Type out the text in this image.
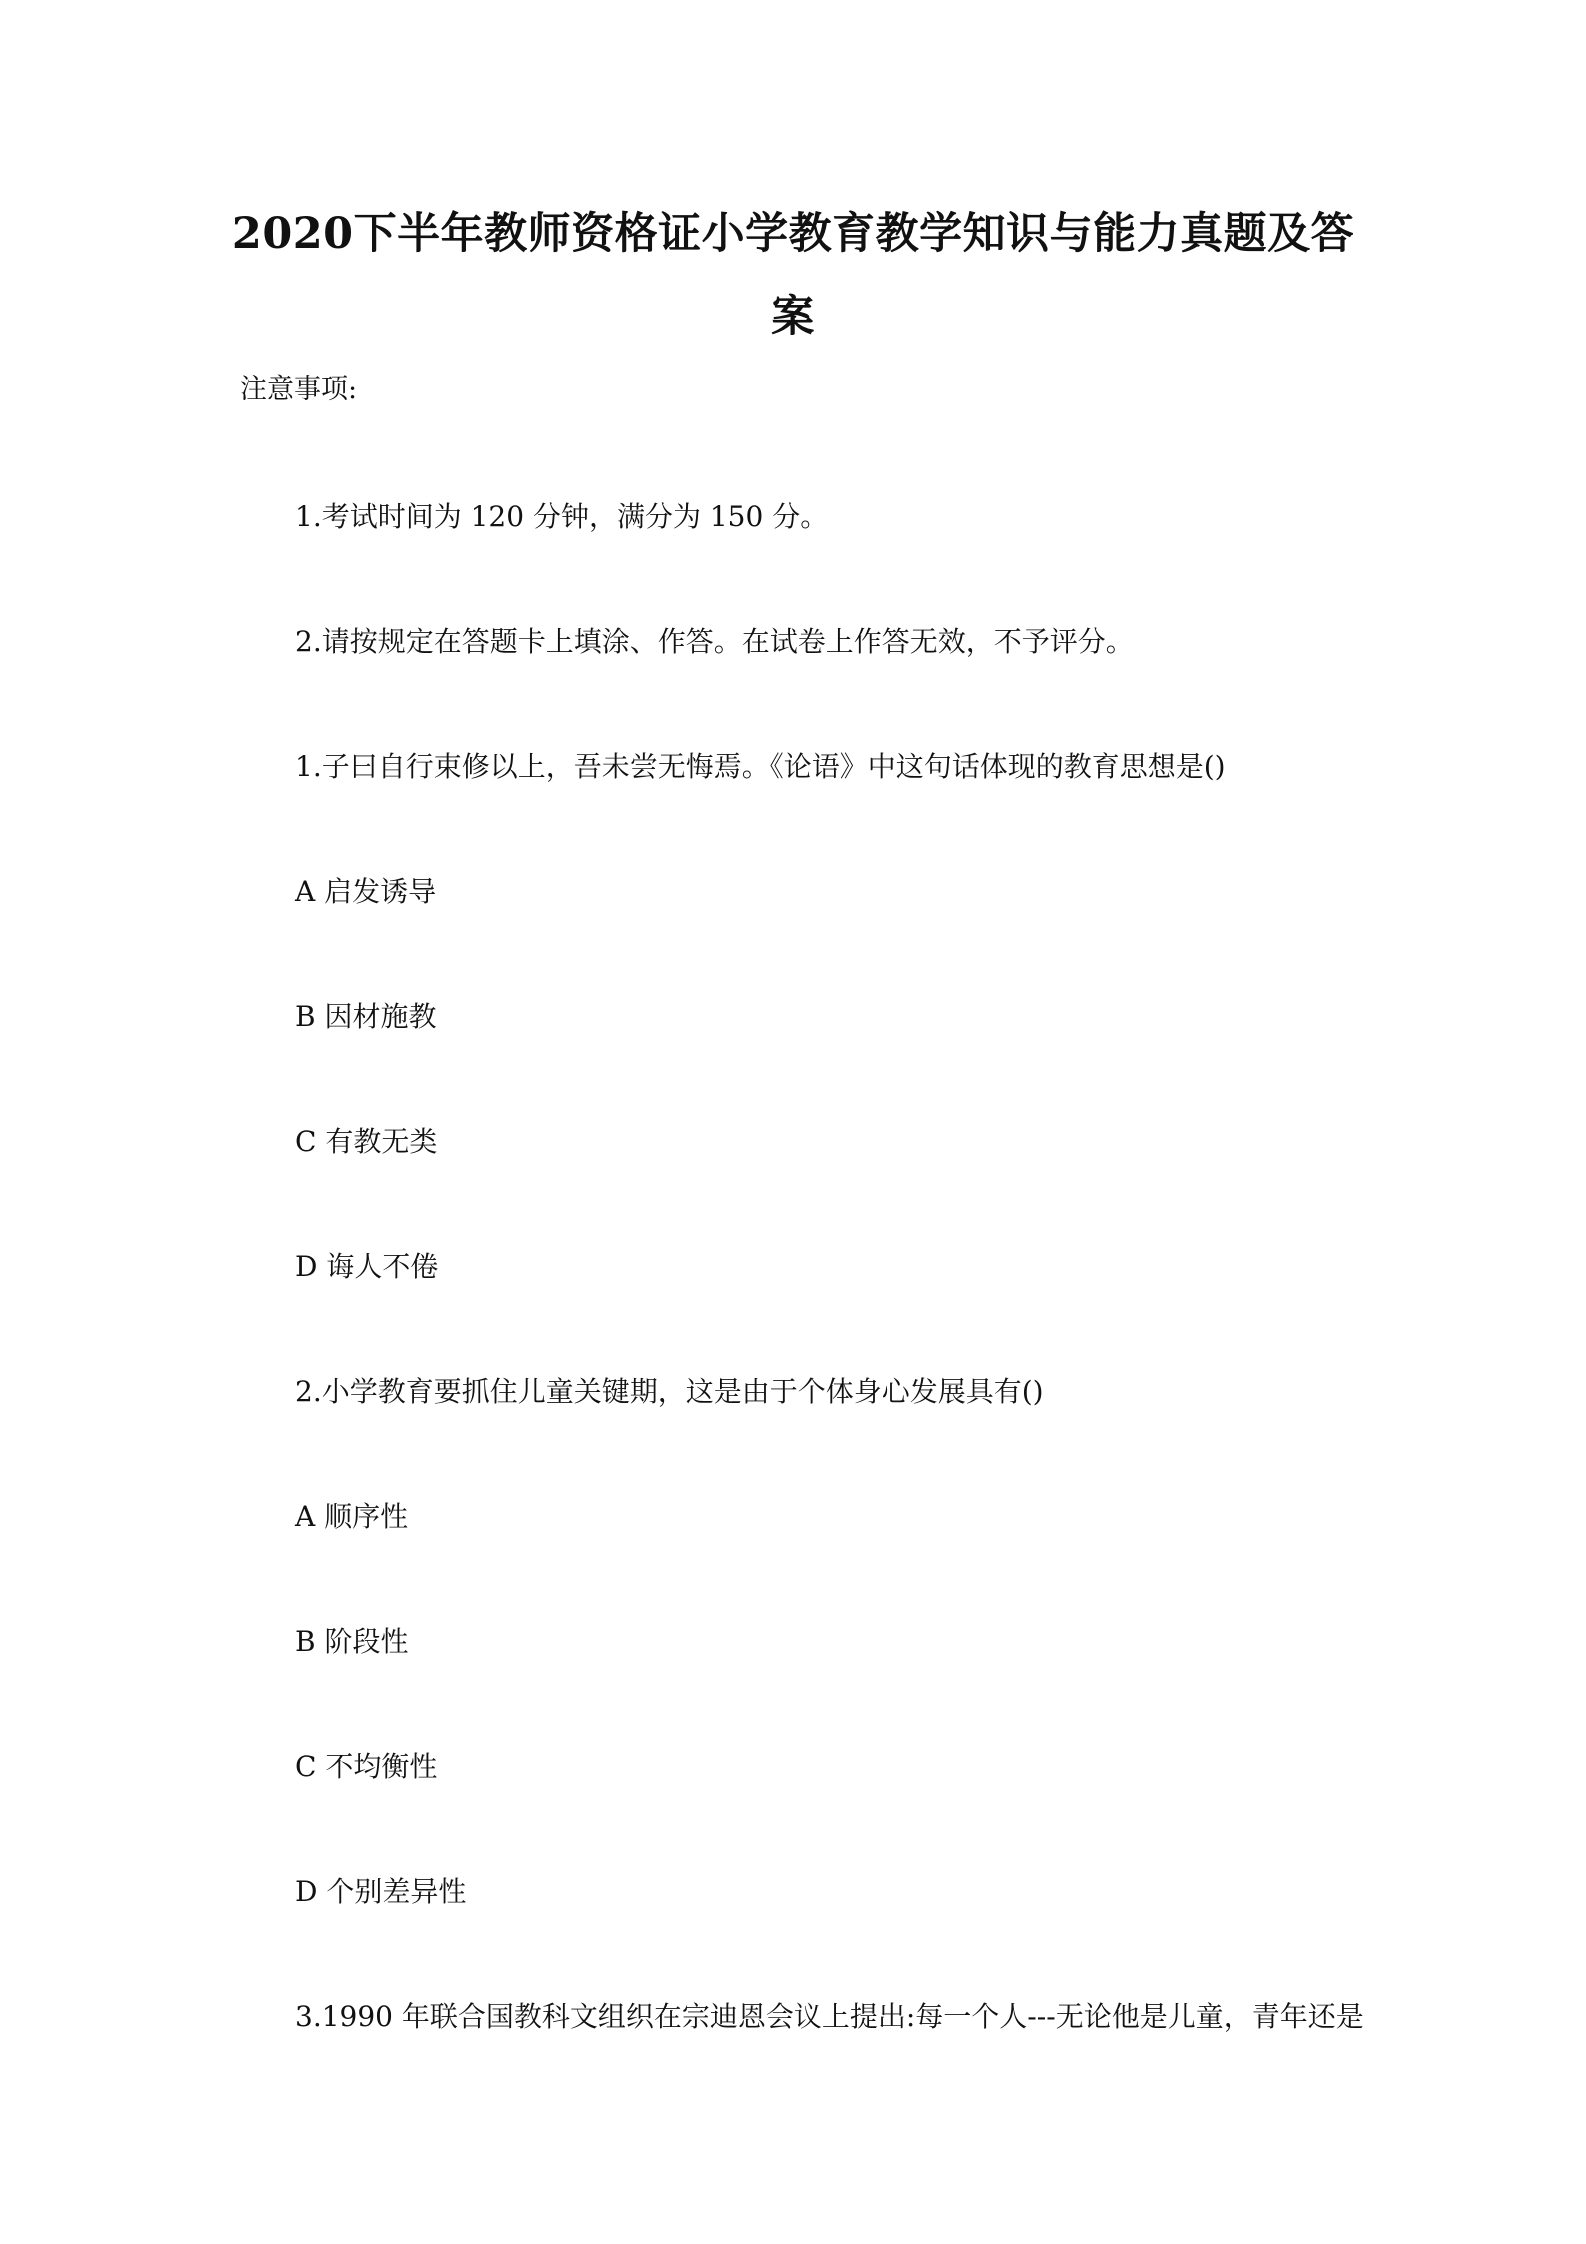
2020下半年教师资格证小学教育教学知识与能力真题及答
案

注意事项:

1.考试时间为 120 分钟，满分为 150 分。

2.请按规定在答题卡上填涂、作答。在试卷上作答无效，不予评分。

1.子曰自行束修以上，吾未尝无悔焉。《论语》中这句话体现的教育思想是()

A 启发诱导

B 因材施教

C 有教无类

D 诲人不倦

2.小学教育要抓住儿童关键期，这是由于个体身心发展具有()

A 顺序性

B 阶段性

C 不均衡性

D 个别差异性

3.1990 年联合国教科文组织在宗迪恩会议上提出:每一个人---无论他是儿童，青年还是
